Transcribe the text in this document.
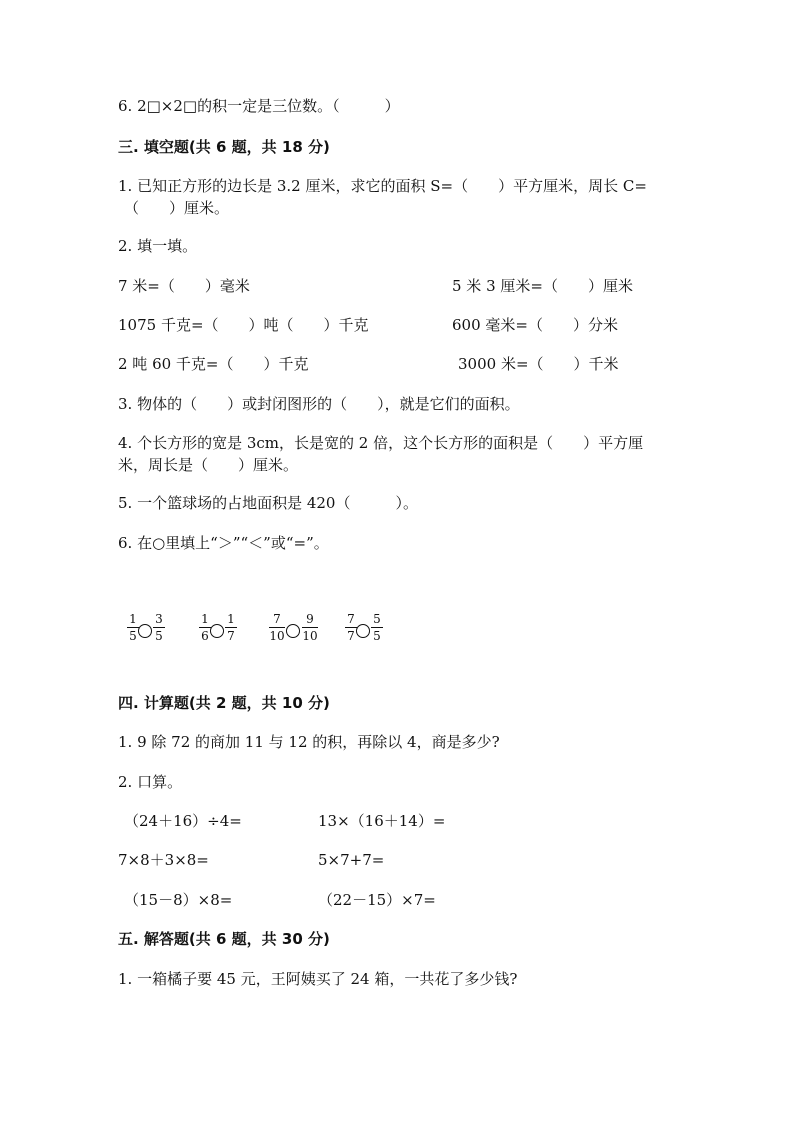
6. 2□×2□的积一定是三位数。（　　　）
三. 填空题(共 6 题，共 18 分)
1. 已知正方形的边长是 3.2 厘米，求它的面积 S=（　　）平方厘米，周长 C=
（　　）厘米。
2. 填一填。
7 米=（　　）毫米	5 米 3 厘米=（　　）厘米
1075 千克=（　　）吨（　　）千克	600 毫米=（　　）分米
2 吨 60 千克=（　　）千克	3000 米=（　　）千米
3. 物体的（　　）或封闭图形的（　　），就是它们的面积。
4. 个长方形的宽是 3cm，长是宽的 2 倍，这个长方形的面积是（　　）平方厘
米，周长是（　　）厘米。
5. 一个篮球场的占地面积是 420（　　　）。
6. 在○里填上“＞”“＜”或“=”。
1
5
3
5
1
6
1
7
7
10
9
10
7
7
5
5
四. 计算题(共 2 题，共 10 分)
1. 9 除 72 的商加 11 与 12 的积，再除以 4，商是多少?
2. 口算。
（24＋16）÷4=	13×（16＋14）=
7×8＋3×8=	5×7+7=
（15－8）×8=	（22－15）×7=
五. 解答题(共 6 题，共 30 分)
1. 一箱橘子要 45 元，王阿姨买了 24 箱，一共花了多少钱?
